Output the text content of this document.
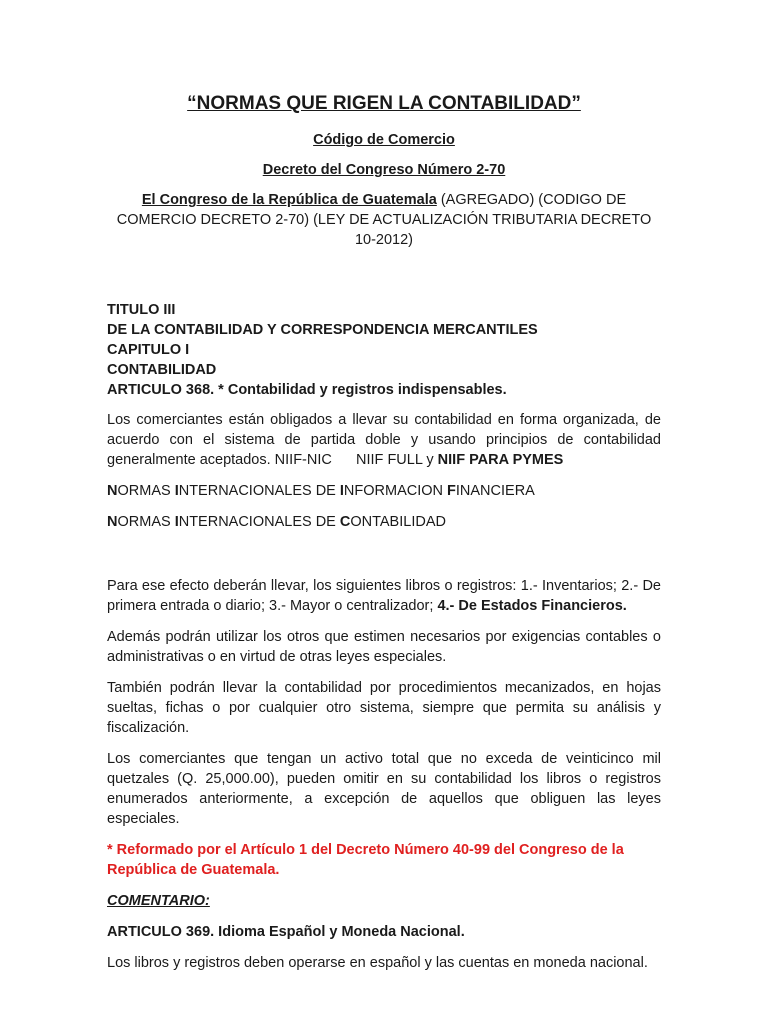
“NORMAS QUE RIGEN LA CONTABILIDAD”
Código de Comercio
Decreto del Congreso Número 2-70
El Congreso de la República de Guatemala (AGREGADO) (CODIGO DE COMERCIO DECRETO 2-70) (LEY DE ACTUALIZACIÓN TRIBUTARIA DECRETO 10-2012)
TITULO III
DE LA CONTABILIDAD Y CORRESPONDENCIA MERCANTILES
CAPITULO I
CONTABILIDAD
ARTICULO 368. * Contabilidad y registros indispensables.

Los comerciantes están obligados a llevar su contabilidad en forma organizada, de acuerdo con el sistema de partida doble y usando principios de contabilidad generalmente aceptados. NIIF-NIC      NIIF FULL y NIIF PARA PYMES

NORMAS INTERNACIONALES DE INFORMACION FINANCIERA

NORMAS INTERNACIONALES DE CONTABILIDAD

Para ese efecto deberán llevar, los siguientes libros o registros: 1.- Inventarios; 2.- De primera entrada o diario; 3.- Mayor o centralizador; 4.- De Estados Financieros.

Además podrán utilizar los otros que estimen necesarios por exigencias contables o administrativas o en virtud de otras leyes especiales.

También podrán llevar la contabilidad por procedimientos mecanizados, en hojas sueltas, fichas o por cualquier otro sistema, siempre que permita su análisis y fiscalización.

Los comerciantes que tengan un activo total que no exceda de veinticinco mil quetzales (Q. 25,000.00), pueden omitir en su contabilidad los libros o registros enumerados anteriormente, a excepción de aquellos que obliguen las leyes especiales.

* Reformado por el Artículo 1 del Decreto Número 40-99 del Congreso de la República de Guatemala.

COMENTARIO:

ARTICULO 369. Idioma Español y Moneda Nacional.

Los libros y registros deben operarse en español y las cuentas en moneda nacional.
